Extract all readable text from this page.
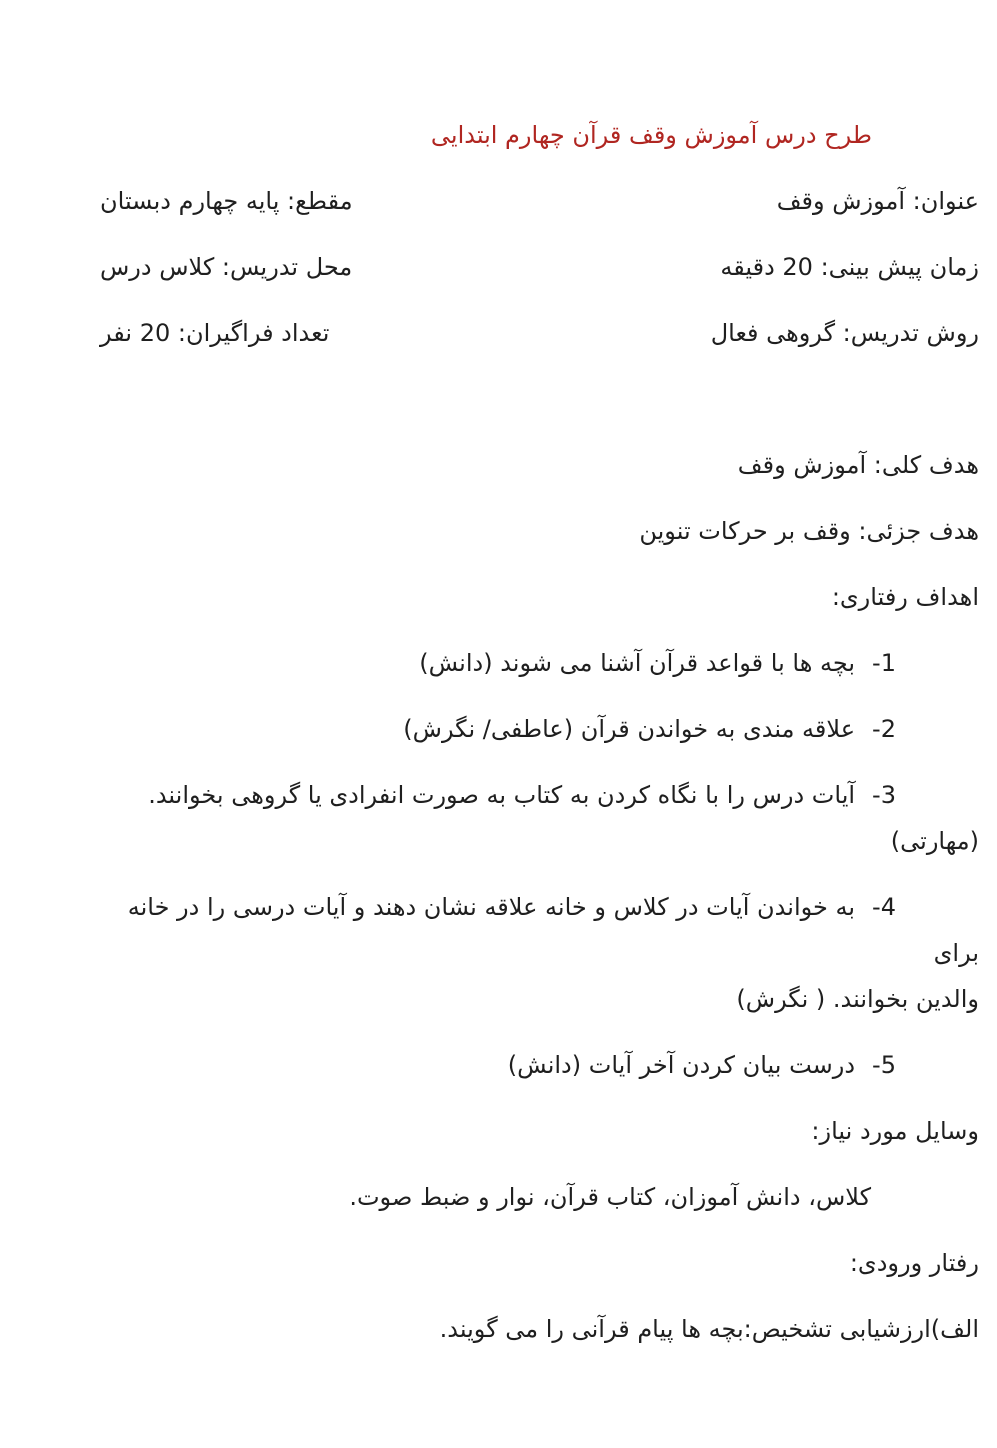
طرح درس آموزش وقف قرآن چهارم ابتدایی
عنوان: آموزش وقف
مقطع: پایه چهارم دبستان
زمان پیش بینی: 20 دقیقه
محل تدریس: کلاس درس
روش تدریس: گروهی فعال
تعداد فراگیران: 20 نفر
هدف کلی: آموزش وقف
هدف جزئی: وقف بر حرکات تنوین
اهداف رفتاری:
1-بچه ها با قواعد قرآن آشنا می شوند (دانش)
2-علاقه مندی به خواندن قرآن (عاطفی/ نگرش)
3-آیات درس را با نگاه کردن به کتاب به صورت انفرادی یا گروهی بخوانند. (مهارتی)
4-به خواندن آیات در کلاس و خانه علاقه نشان دهند و آیات درسی را در خانه برای
والدین بخوانند. ( نگرش)
5-درست بیان کردن آخر آیات (دانش)
وسایل مورد نیاز:
کلاس، دانش آموزان، کتاب قرآن، نوار و ضبط صوت.
رفتار ورودی:
الف)ارزشیابی تشخیص:بچه ها پیام قرآنی را می گویند.
